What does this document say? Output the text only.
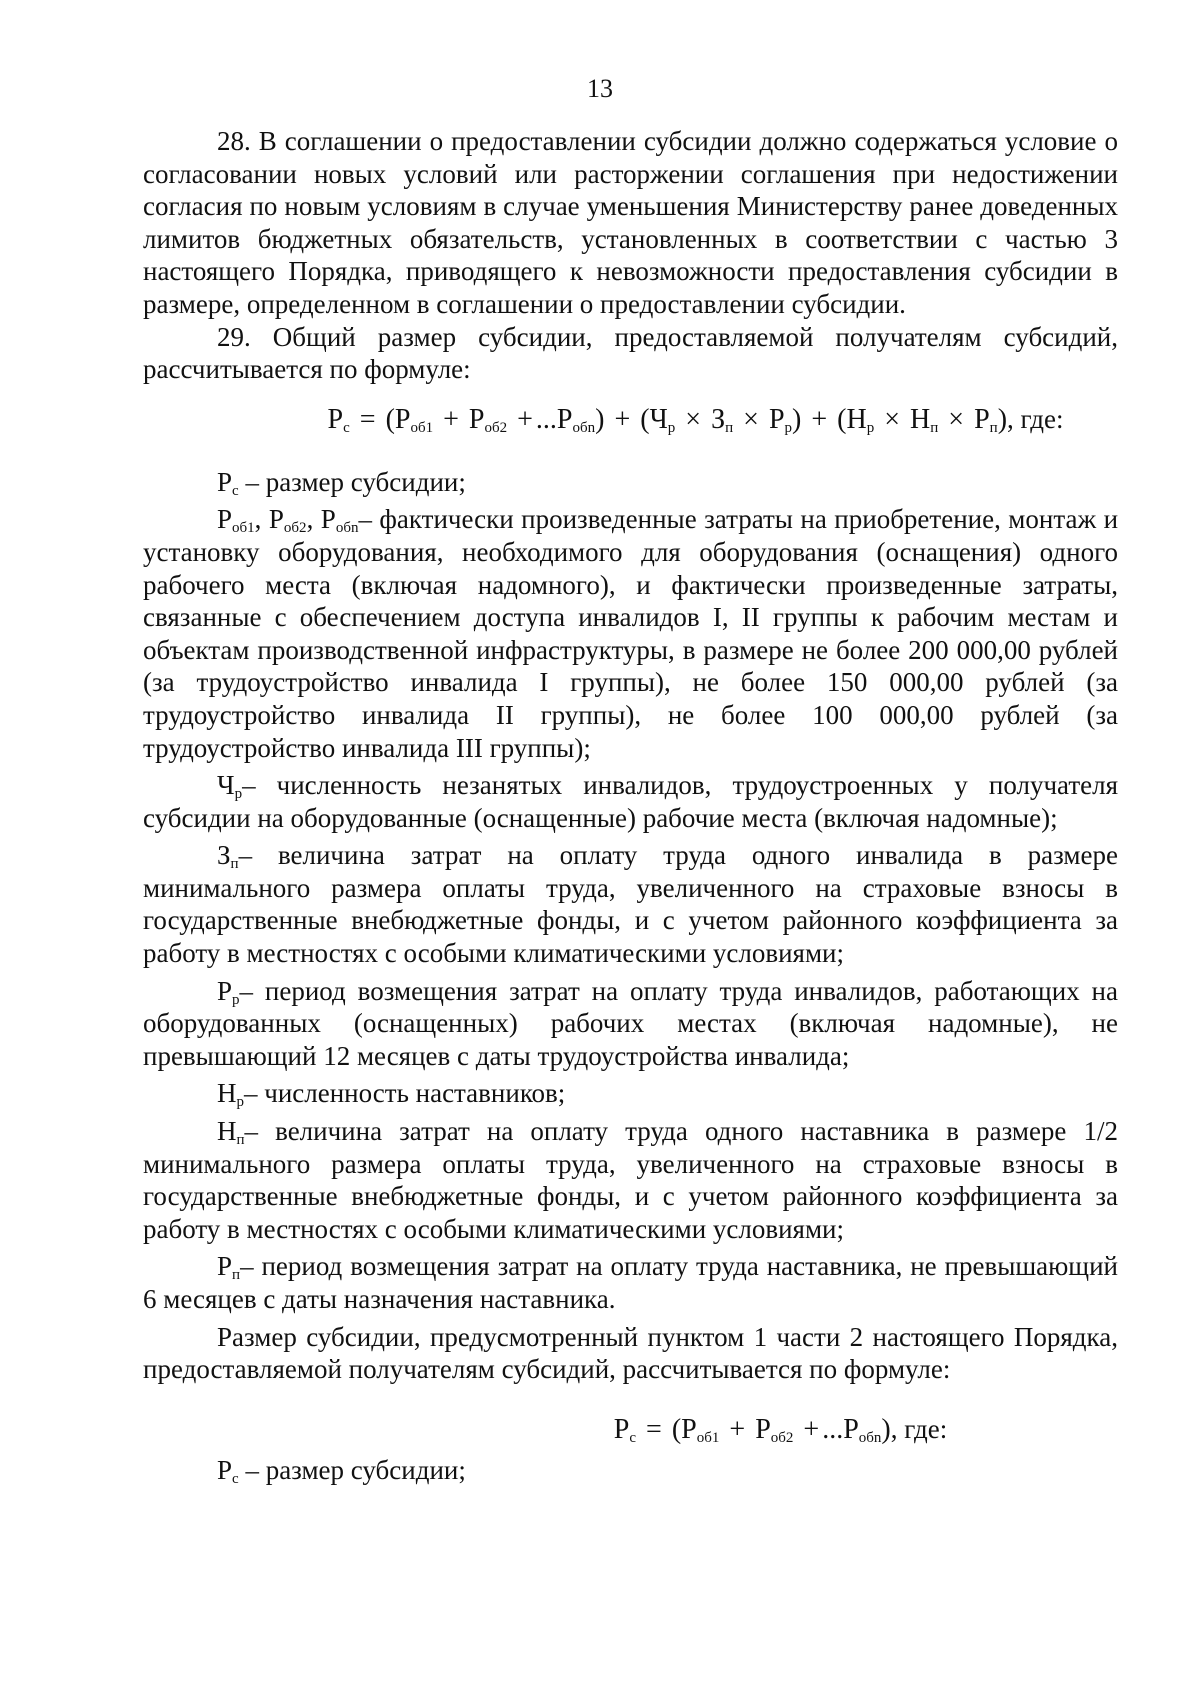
13

28. В соглашении о предоставлении субсидии должно содержаться условие о согласовании новых условий или расторжении соглашения при недостижении согласия по новым условиям в случае уменьшения Министерству ранее доведенных лимитов бюджетных обязательств, установленных в соответствии с частью 3 настоящего Порядка, приводящего к невозможности предоставления субсидии в размере, определенном в соглашении о предоставлении субсидии.

29. Общий размер субсидии, предоставляемой получателям субсидий, рассчитывается по формуле:

$Р_с = (Р_{об1} + Р_{об2} + ...Р_{обn}) + (Ч_р \times З_п \times Р_р) + (Н_р \times Н_п \times Р_п)$, где:

$Р_с$ – размер субсидии;

$Р_{об1}$, $Р_{об2}$, $Р_{обn}-$ фактически произведенные затраты на приобретение, монтаж и установку оборудования, необходимого для оборудования (оснащения) одного рабочего места (включая надомного), и фактически произведенные затраты, связанные с обеспечением доступа инвалидов I, II группы к рабочим местам и объектам производственной инфраструктуры, в размере не более 200 000,00 рублей (за трудоустройство инвалида I группы), не более 150 000,00 рублей (за трудоустройство инвалида II группы), не более 100 000,00 рублей (за трудоустройство инвалида III группы);

$Ч_р-$ численность незанятых инвалидов, трудоустроенных у получателя субсидии на оборудованные (оснащенные) рабочие места (включая надомные);

$З_п-$ величина затрат на оплату труда одного инвалида в размере минимального размера оплаты труда, увеличенного на страховые взносы в государственные внебюджетные фонды, и с учетом районного коэффициента за работу в местностях с особыми климатическими условиями;

$Р_р-$ период возмещения затрат на оплату труда инвалидов, работающих на оборудованных (оснащенных) рабочих местах (включая надомные), не превышающий 12 месяцев с даты трудоустройства инвалида;

$Н_р-$ численность наставников;

$Н_п-$ величина затрат на оплату труда одного наставника в размере 1/2 минимального размера оплаты труда, увеличенного на страховые взносы в государственные внебюджетные фонды, и с учетом районного коэффициента за работу в местностях с особыми климатическими условиями;

$Р_п-$ период возмещения затрат на оплату труда наставника, не превышающий 6 месяцев с даты назначения наставника.

Размер субсидии, предусмотренный пунктом 1 части 2 настоящего Порядка, предоставляемой получателям субсидий, рассчитывается по формуле:

$Р_с = (Р_{об1} + Р_{об2} + ...Р_{обn})$, где:

$Р_с$ – размер субсидии;
